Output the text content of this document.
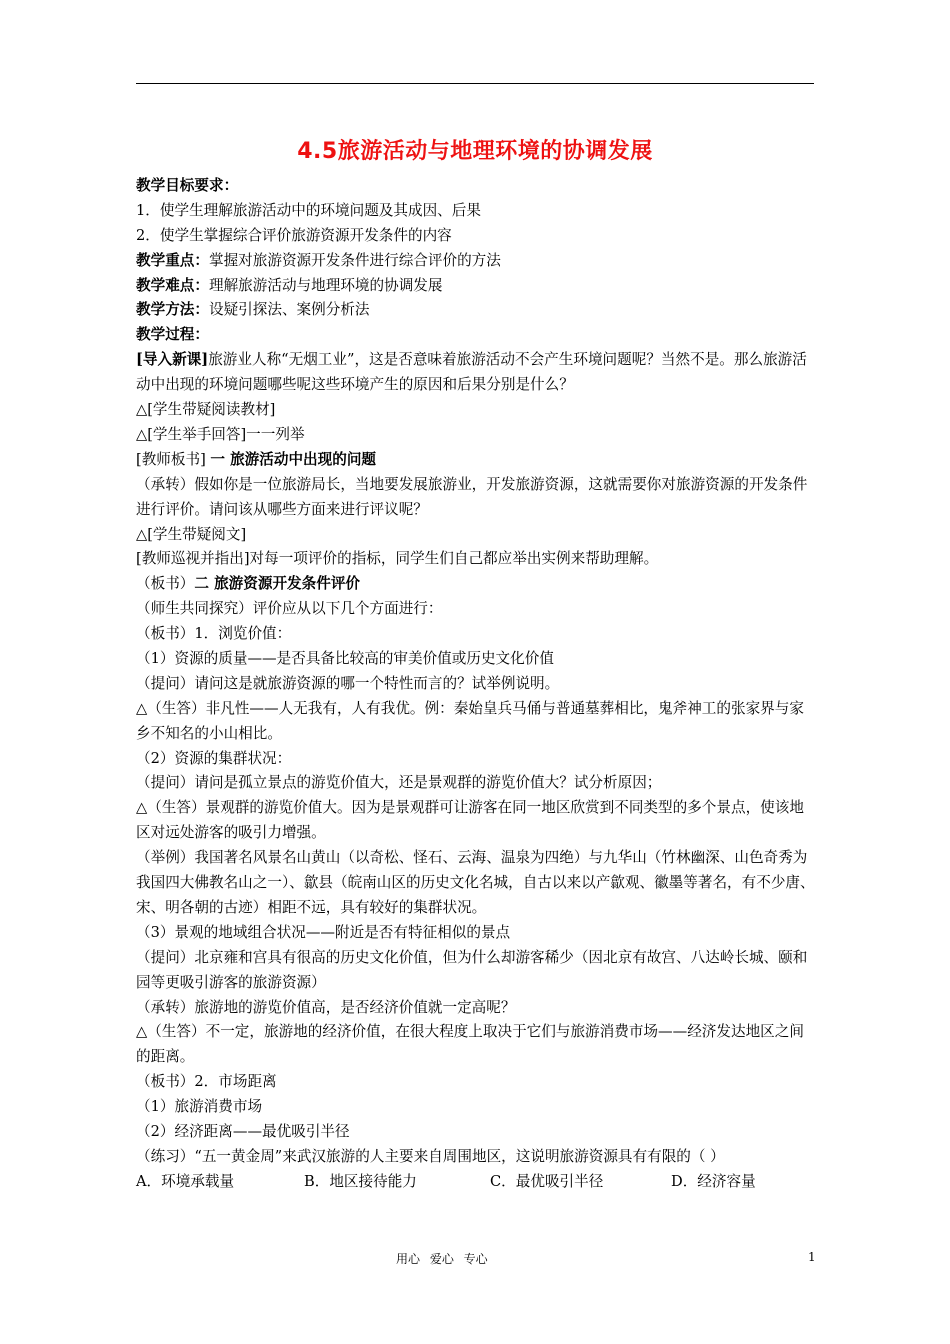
4.5旅游活动与地理环境的协调发展
教学目标要求：
1．使学生理解旅游活动中的环境问题及其成因、后果
2．使学生掌握综合评价旅游资源开发条件的内容
教学重点：掌握对旅游资源开发条件进行综合评价的方法
教学难点：理解旅游活动与地理环境的协调发展
教学方法：设疑引探法、案例分析法
教学过程：
[导入新课]旅游业人称“无烟工业”，这是否意味着旅游活动不会产生环境问题呢？当然不是。那么旅游活动中出现的环境问题哪些呢这些环境产生的原因和后果分别是什么？
△[学生带疑阅读教材]
△[学生举手回答]一一列举
[教师板书] 一 旅游活动中出现的问题
（承转）假如你是一位旅游局长，当地要发展旅游业，开发旅游资源，这就需要你对旅游资源的开发条件进行评价。请问该从哪些方面来进行评议呢？
△[学生带疑阅文]
[教师巡视并指出]对每一项评价的指标，同学生们自己都应举出实例来帮助理解。
（板书）二 旅游资源开发条件评价
（师生共同探究）评价应从以下几个方面进行：
（板书）1．浏览价值：
（1）资源的质量——是否具备比较高的审美价值或历史文化价值
（提问）请问这是就旅游资源的哪一个特性而言的？试举例说明。
△（生答）非凡性——人无我有，人有我优。例：秦始皇兵马俑与普通墓葬相比，鬼斧神工的张家界与家乡不知名的小山相比。
（2）资源的集群状况：
（提问）请问是孤立景点的游览价值大，还是景观群的游览价值大？试分析原因；
△（生答）景观群的游览价值大。因为是景观群可让游客在同一地区欣赏到不同类型的多个景点，使该地区对远处游客的吸引力增强。
（举例）我国著名风景名山黄山（以奇松、怪石、云海、温泉为四绝）与九华山（竹林幽深、山色奇秀为我国四大佛教名山之一）、歙县（皖南山区的历史文化名城，自古以来以产歙观、徽墨等著名，有不少唐、宋、明各朝的古迹）相距不远，具有较好的集群状况。
（3）景观的地域组合状况——附近是否有特征相似的景点
（提问）北京雍和宫具有很高的历史文化价值，但为什么却游客稀少（因北京有故宫、八达岭长城、颐和园等更吸引游客的旅游资源）
（承转）旅游地的游览价值高，是否经济价值就一定高呢？
△（生答）不一定，旅游地的经济价值，在很大程度上取决于它们与旅游消费市场——经济发达地区之间的距离。
（板书）2．市场距离
（1）旅游消费市场
（2）经济距离——最优吸引半径
（练习）“五一黄金周”来武汉旅游的人主要来自周围地区，这说明旅游资源具有有限的（ ）
A．环境承载量	B．地区接待能力	C．最优吸引半径	D．经济容量
用心 爱心 专心	1
